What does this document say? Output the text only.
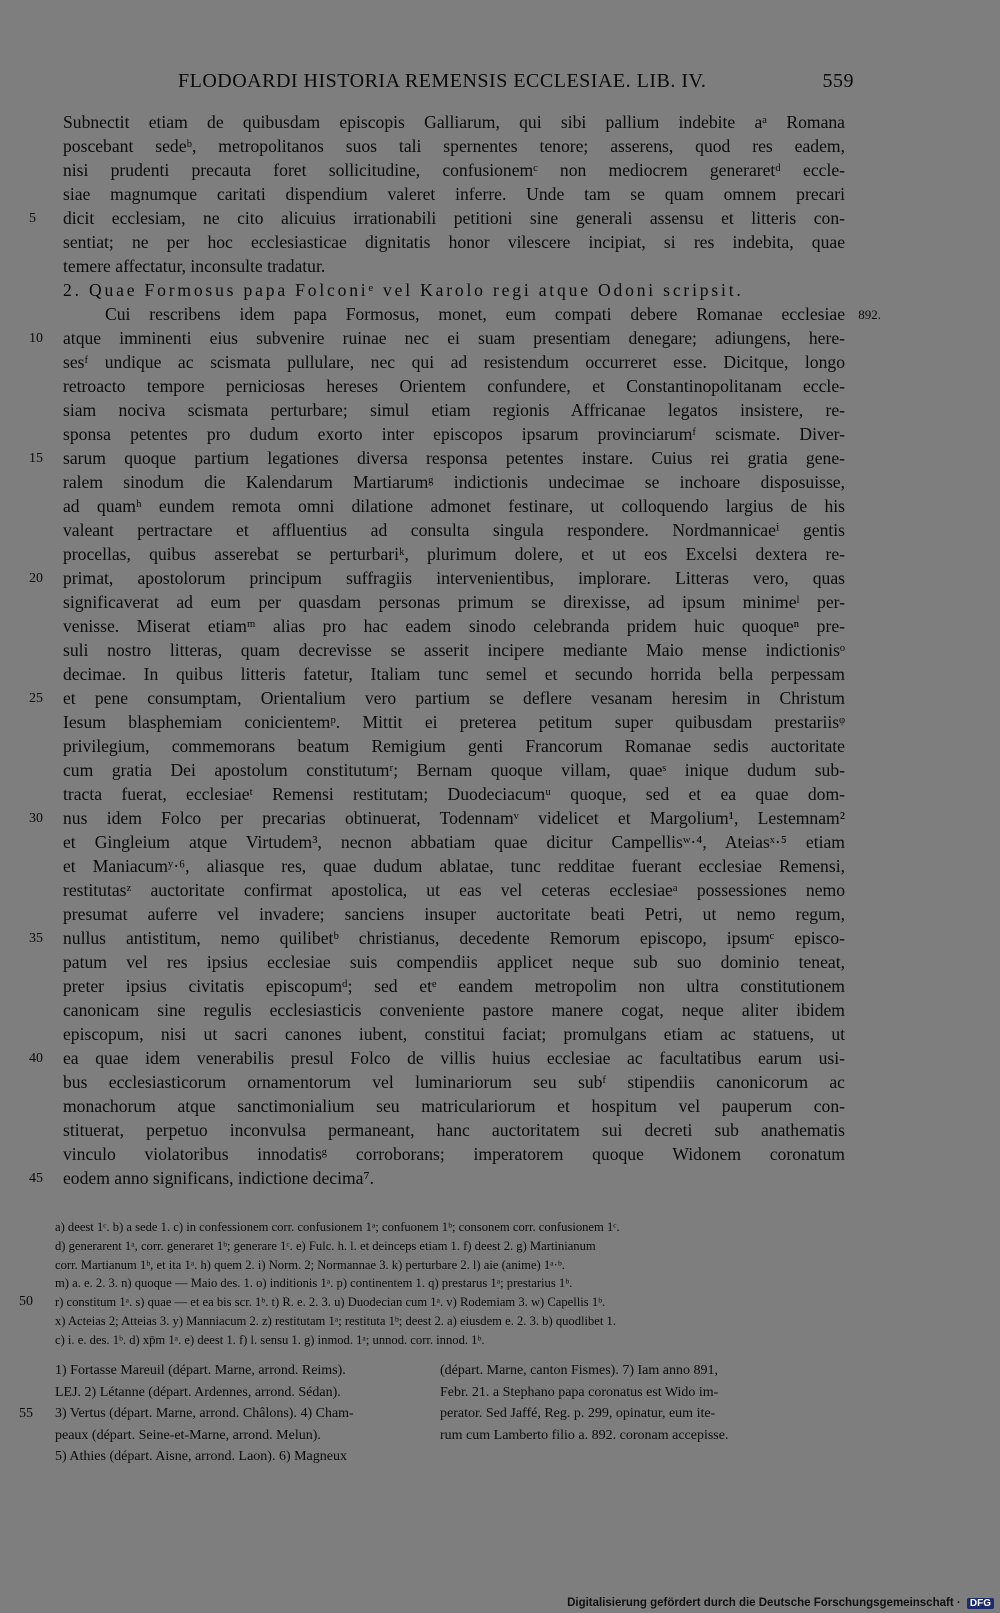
FLODOARDI HISTORIA REMENSIS ECCLESIAE. LIB. IV.	559
Subnectit etiam de quibusdam episcopis Galliarum, qui sibi pallium indebite aᵃ Romana
poscebant sedeᵇ, metropolitanos suos tali spernentes tenore; asserens, quod res eadem,
nisi prudenti precauta foret sollicitudine, confusionemᶜ non mediocrem generaretᵈ eccle-
siae magnumque caritati dispendium valeret inferre. Unde tam se quam omnem precari
5	dicit ecclesiam, ne cito alicuius irrationabili petitioni sine generali assensu et litteris con-
sentiat; ne per hoc ecclesiasticae dignitatis honor vilescere incipiat, si res indebita, quae
temere affectatur, inconsulte tradatur.
2. Quae Formosus papa Folconiᵉ vel Karolo regi atque Odoni scripsit.
Cui rescribens idem papa Formosus, monet, eum compati debere Romanae ecclesiae 892.
10	atque imminenti eius subvenire ruinae nec ei suam presentiam denegare; adiungens, here-
sesᶠ undique ac scismata pullulare, nec qui ad resistendum occurreret esse. Dicitque, longo
retroacto tempore perniciosas hereses Orientem confundere, et Constantinopolitanam eccle-
siam nociva scismata perturbare; simul etiam regionis Affricanae legatos insistere, re-
sponsa petentes pro dudum exorto inter episcopos ipsarum provinciarumᶠ scismate. Diver-
15	sarum quoque partium legationes diversa responsa petentes instare. Cuius rei gratia gene-
ralem sinodum die Kalendarum Martiarumᵍ indictionis undecimae se inchoare disposuisse,
ad quamʰ eundem remota omni dilatione admonet festinare, ut colloquendo largius de his
valeant pertractare et affluentius ad consulta singula respondere. Nordmannicaeⁱ gentis
procellas, quibus asserebat se perturbariᵏ, plurimum dolere, et ut eos Excelsi dextera re-
20	primat, apostolorum principum suffragiis intervenientibus, implorare. Litteras vero, quas
significaverat ad eum per quasdam personas primum se direxisse, ad ipsum minimeˡ per-
venisse. Miserat etiamᵐ alias pro hac eadem sinodo celebranda pridem huic quoqueⁿ pre-
suli nostro litteras, quam decrevisse se asserit incipere mediante Maio mense indictionisᵒ
decimae. In quibus litteris fatetur, Italiam tunc semel et secundo horrida bella perpessam
25	et pene consumptam, Orientalium vero partium se deflere vesanam heresim in Christum
Iesum blasphemiam conicientemᵖ. Mittit ei preterea petitum super quibusdam prestariisᵠ
privilegium, commemorans beatum Remigium genti Francorum Romanae sedis auctoritate
cum gratia Dei apostolum constitutumʳ; Bernam quoque villam, quaeˢ inique dudum sub-
tracta fuerat, ecclesiaeᵗ Remensi restitutam; Duodeciacumᵘ quoque, sed et ea quae dom-
30	nus idem Folco per precarias obtinuerat, Todennamᵛ videlicet et Margolium¹, Lestemnam²
et Gingleium atque Virtudem³, necnon abbatiam quae dicitur Campellisʷ·⁴, Ateiasˣ·⁵ etiam
et Maniacumʸ·⁶, aliasque res, quae dudum ablatae, tunc redditae fuerant ecclesiae Remensi,
restitutasᶻ auctoritate confirmat apostolica, ut eas vel ceteras ecclesiaeᵃ possessiones nemo
presumat auferre vel invadere; sanciens insuper auctoritate beati Petri, ut nemo regum,
35	nullus antistitum, nemo quilibetᵇ christianus, decedente Remorum episcopo, ipsumᶜ episco-
patum vel res ipsius ecclesiae suis compendiis applicet neque sub suo dominio teneat,
preter ipsius civitatis episcopumᵈ; sed etᵉ eandem metropolim non ultra constitutionem
canonicam sine regulis ecclesiasticis conveniente pastore manere cogat, neque aliter ibidem
episcopum, nisi ut sacri canones iubent, constitui faciat; promulgans etiam ac statuens, ut
40	ea quae idem venerabilis presul Folco de villis huius ecclesiae ac facultatibus earum usi-
bus ecclesiasticorum ornamentorum vel luminariorum seu subᶠ stipendiis canonicorum ac
monachorum atque sanctimonialium seu matriculariorum et hospitum vel pauperum con-
stituerat, perpetuo inconvulsa permaneant, hanc auctoritatem sui decreti sub anathematis
vinculo violatoribus innodatisᵍ corroborans; imperatorem quoque Widonem coronatum
45	eodem anno significans, indictione decima⁷.
a) deest 1ᶜ. b) a sede 1. c) in confessionem corr. confusionem 1ᵃ; confuonem 1ᵇ; consonem corr. confusionem 1ᶜ.
d) generarent 1ᵃ, corr. generaret 1ᵇ; generare 1ᶜ. e) Fulc. h. l. et deinceps etiam 1. f) deest 2. g) Martinianum
corr. Martianum 1ᵇ, et ita 1ᵃ. h) quem 2. i) Norm. 2; Normannae 3. k) perturbare 2. l) aie (anime) 1ᵃ·ᵇ.
m) a. e. 2. 3. n) quoque — Maio des. 1. o) inditionis 1ᵃ. p) continentem 1. q) prestarus 1ᵃ; prestarius 1ᵇ.
50 r) constitum 1ᵃ. s) quae — et ea bis scr. 1ᵇ. t) R. e. 2. 3. u) Duodecian cum 1ᵃ. v) Rodemiam 3. w) Capellis 1ᵇ.
x) Acteias 2; Atteias 3. y) Manniacum 2. z) restitutam 1ᵃ; restituta 1ᵇ; deest 2. a) eiusdem e. 2. 3. b) quodlibet 1.
c) i. e. des. 1ᵇ. d) xp̄m 1ᵃ. e) deest 1. f) l. sensu 1. g) inmod. 1ᵃ; unnod. corr. innod. 1ᵇ.
1) Fortasse Mareuil (départ. Marne, arrond. Reims).
LEJ. 2) Létanne (départ. Ardennes, arrond. Sédan).
55 3) Vertus (départ. Marne, arrond. Châlons). 4) Cham-
peaux (départ. Seine-et-Marne, arrond. Melun).
5) Athies (départ. Aisne, arrond. Laon). 6) Magneux
(départ. Marne, canton Fismes). 7) Iam anno 891,
Febr. 21. a Stephano papa coronatus est Wido im-
perator. Sed Jaffé, Reg. p. 299, opinatur, eum ite-
rum cum Lamberto filio a. 892. coronam accepisse.
Digitalisierung gefördert durch die Deutsche Forschungsgemeinschaft · DFG
